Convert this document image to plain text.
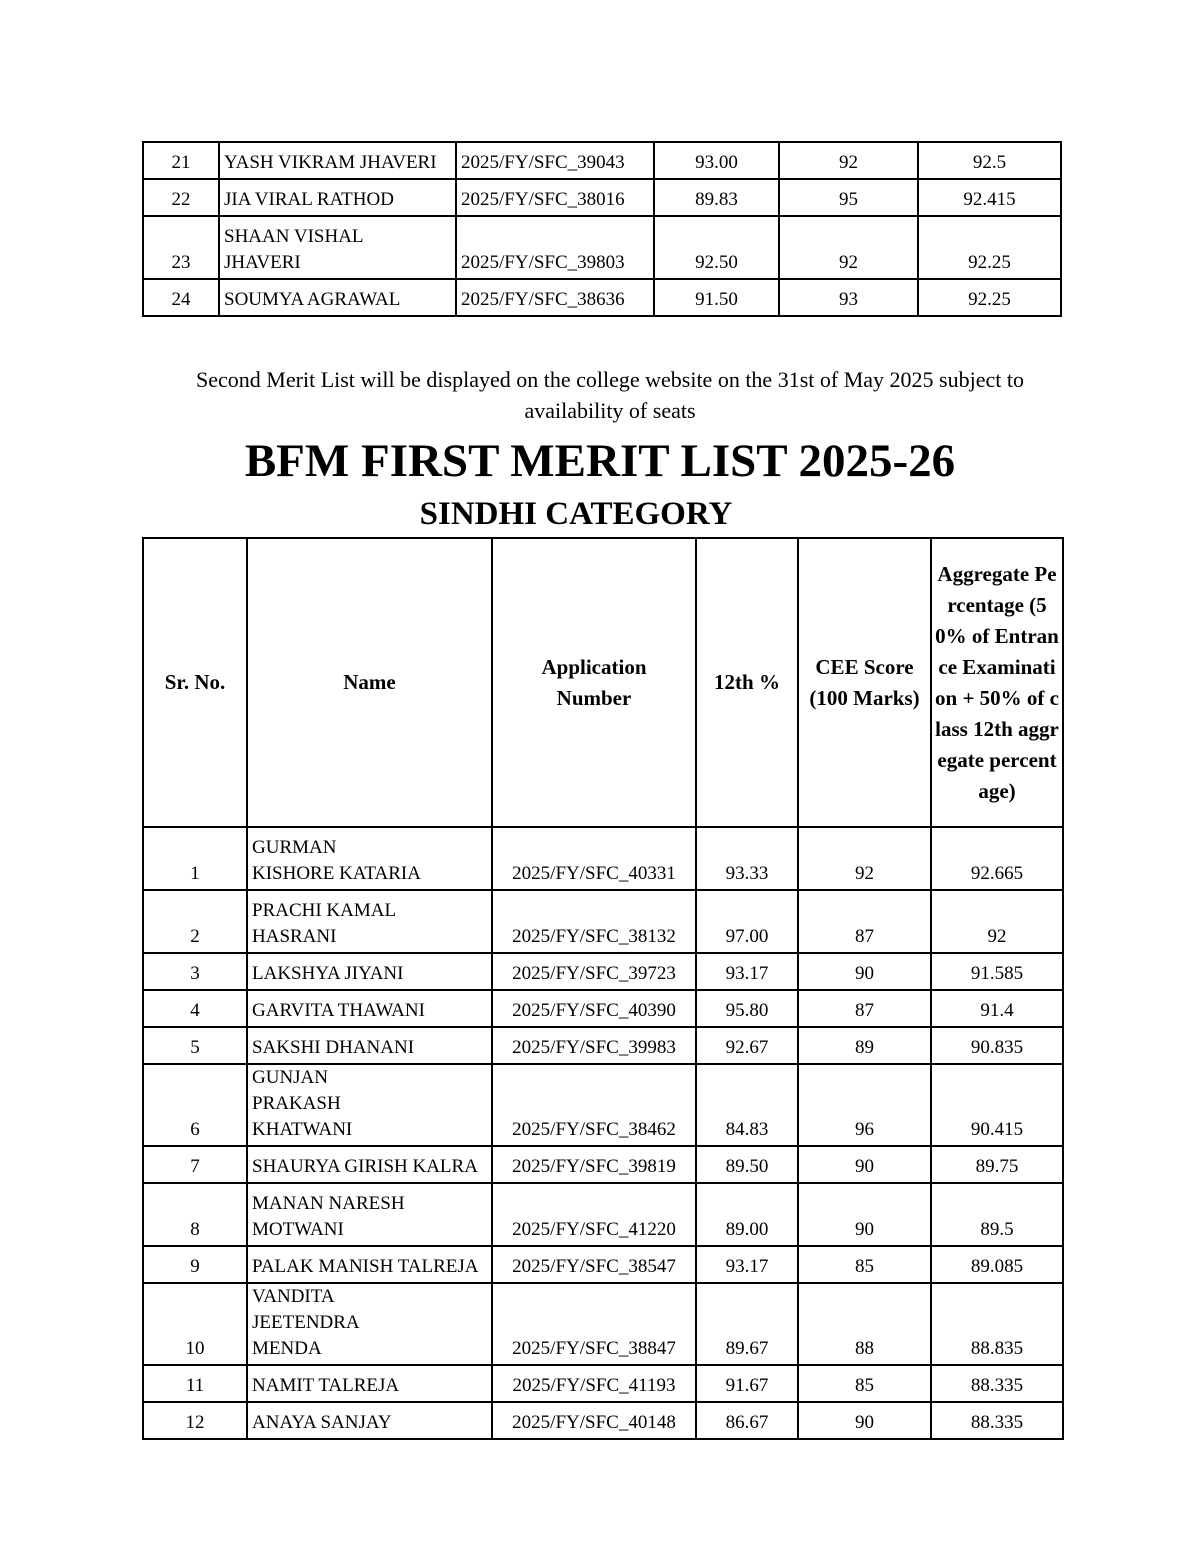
21	YASH VIKRAM JHAVERI	2025/FY/SFC_39043	93.00	92	92.5
22	JIA VIRAL RATHOD	2025/FY/SFC_38016	89.83	95	92.415
23	SHAAN VISHAL JHAVERI	2025/FY/SFC_39803	92.50	92	92.25
24	SOUMYA AGRAWAL	2025/FY/SFC_38636	91.50	93	92.25
Second Merit List will be displayed on the college website on the 31st of May 2025 subject to availability of seats
BFM FIRST MERIT LIST 2025-26
SINDHI CATEGORY
Sr. No.	Name	Application Number	12th %	CEE Score (100 Marks)	Aggregate Percentage (50% of Entrance Examination + 50% of class 12th aggregate percentage)
1	GURMAN KISHORE KATARIA	2025/FY/SFC_40331	93.33	92	92.665
2	PRACHI KAMAL HASRANI	2025/FY/SFC_38132	97.00	87	92
3	LAKSHYA JIYANI	2025/FY/SFC_39723	93.17	90	91.585
4	GARVITA THAWANI	2025/FY/SFC_40390	95.80	87	91.4
5	SAKSHI DHANANI	2025/FY/SFC_39983	92.67	89	90.835
6	GUNJAN PRAKASH KHATWANI	2025/FY/SFC_38462	84.83	96	90.415
7	SHAURYA GIRISH KALRA	2025/FY/SFC_39819	89.50	90	89.75
8	MANAN NARESH MOTWANI	2025/FY/SFC_41220	89.00	90	89.5
9	PALAK MANISH TALREJA	2025/FY/SFC_38547	93.17	85	89.085
10	VANDITA JEETENDRA MENDA	2025/FY/SFC_38847	89.67	88	88.835
11	NAMIT TALREJA	2025/FY/SFC_41193	91.67	85	88.335
12	ANAYA SANJAY	2025/FY/SFC_40148	86.67	90	88.335
